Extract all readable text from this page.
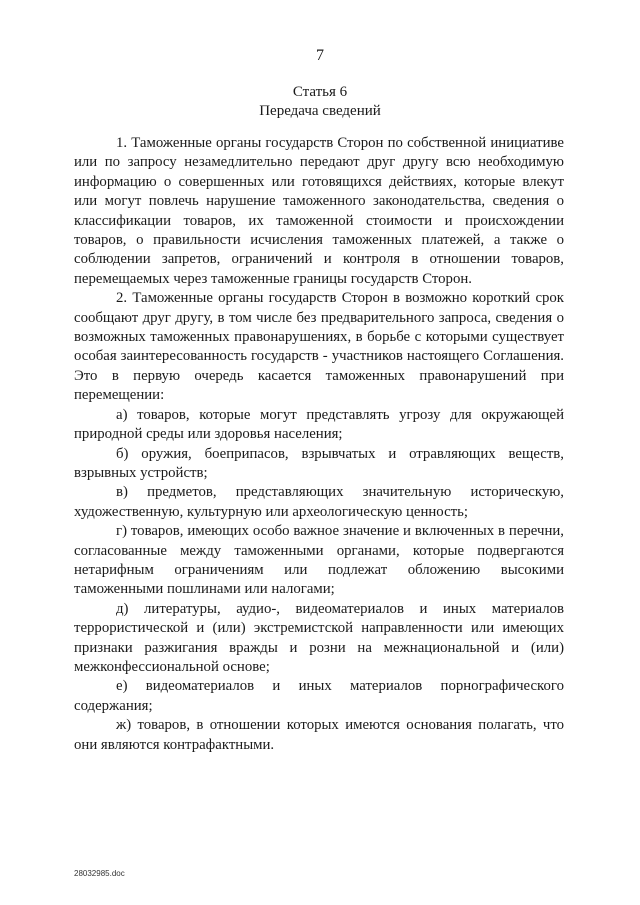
7
Статья 6
Передача сведений

1. Таможенные органы государств Сторон по собственной инициативе или по запросу незамедлительно передают друг другу всю необходимую информацию о совершенных или готовящихся действиях, которые влекут или могут повлечь нарушение таможенного законодательства, сведения о классификации товаров, их таможенной стоимости и происхождении товаров, о правильности исчисления таможенных платежей, а также о соблюдении запретов, ограничений и контроля в отношении товаров, перемещаемых через таможенные границы государств Сторон.

2. Таможенные органы государств Сторон в возможно короткий срок сообщают друг другу, в том числе без предварительного запроса, сведения о возможных таможенных правонарушениях, в борьбе с которыми существует особая заинтересованность государств - участников настоящего Соглашения. Это в первую очередь касается таможенных правонарушений при перемещении:

а) товаров, которые могут представлять угрозу для окружающей природной среды или здоровья населения;

б) оружия, боеприпасов, взрывчатых и отравляющих веществ, взрывных устройств;

в) предметов, представляющих значительную историческую, художественную, культурную или археологическую ценность;

г) товаров, имеющих особо важное значение и включенных в перечни, согласованные между таможенными органами, которые подвергаются нетарифным ограничениям или подлежат обложению высокими таможенными пошлинами или налогами;

д) литературы, аудио-, видеоматериалов и иных материалов террористической и (или) экстремистской направленности или имеющих признаки разжигания вражды и розни на межнациональной и (или) межконфессиональной основе;

е) видеоматериалов и иных материалов порнографического содержания;

ж) товаров, в отношении которых имеются основания полагать, что они являются контрафактными.

28032985.doc
